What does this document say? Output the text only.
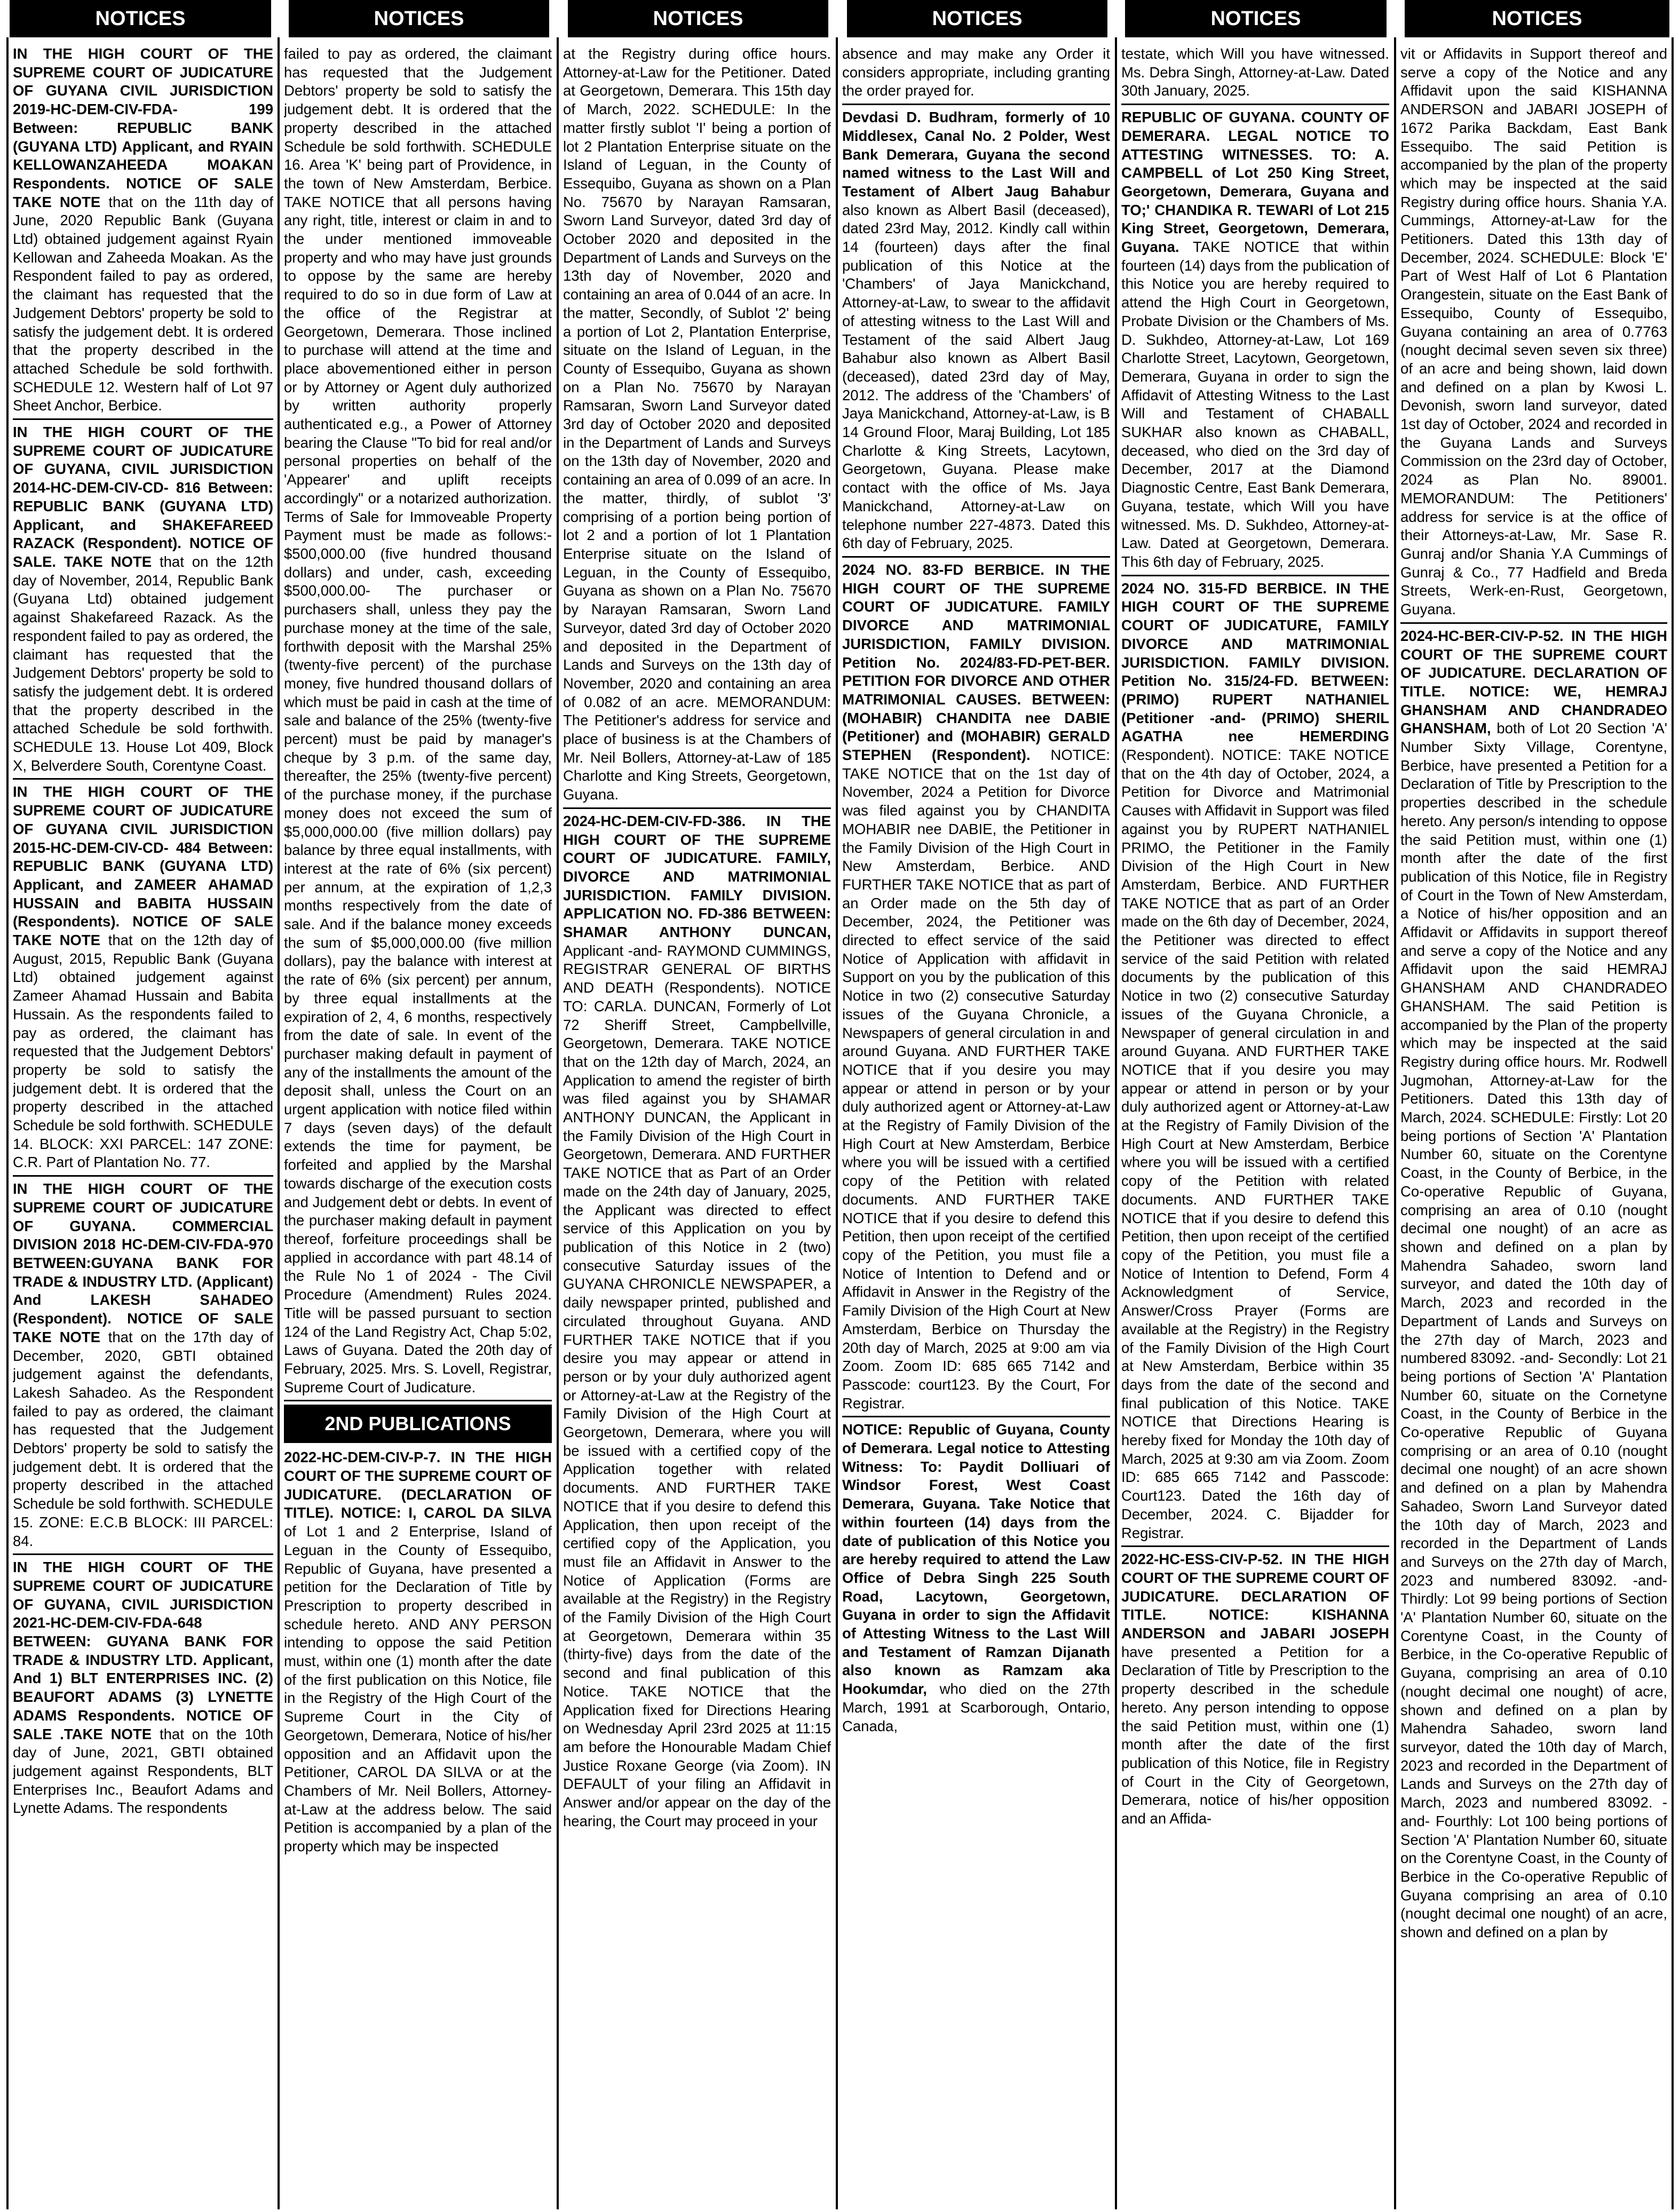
NOTICES	NOTICES	NOTICES	NOTICES	NOTICES	NOTICES

IN THE HIGH COURT OF THE SUPREME COURT OF JUDICATURE OF GUYANA CIVIL JURISDICTION 2019-HC-DEM-CIV-FDA- 199 Between: REPUBLIC BANK (GUYANA LTD) Applicant, and RYAIN KELLOWANZAHEEDA MOAKAN Respondents. NOTICE OF SALE TAKE NOTE that on the 11th day of June, 2020 Republic Bank (Guyana Ltd) obtained judgement against Ryain Kellowan and Zaheeda Moakan. As the Respondent failed to pay as ordered, the claimant has requested that the Judgement Debtors' property be sold to satisfy the judgement debt. It is ordered that the property described in the attached Schedule be sold forthwith. SCHEDULE 12. Western half of Lot 97 Sheet Anchor, Berbice.

IN THE HIGH COURT OF THE SUPREME COURT OF JUDICATURE OF GUYANA, CIVIL JURISDICTION 2014-HC-DEM-CIV-CD- 816 Between: REPUBLIC BANK (GUYANA LTD) Applicant, and SHAKEFAREED RAZACK (Respondent). NOTICE OF SALE. TAKE NOTE that on the 12th day of November, 2014, Republic Bank (Guyana Ltd) obtained judgement against Shakefareed Razack. As the respondent failed to pay as ordered, the claimant has requested that the Judgement Debtors' property be sold to satisfy the judgement debt. It is ordered that the property described in the attached Schedule be sold forthwith. SCHEDULE 13. House Lot 409, Block X, Belverdere South, Corentyne Coast.

IN THE HIGH COURT OF THE SUPREME COURT OF JUDICATURE OF GUYANA CIVIL JURISDICTION 2015-HC-DEM-CIV-CD- 484 Between: REPUBLIC BANK (GUYANA LTD) Applicant, and ZAMEER AHAMAD HUSSAIN and BABITA HUSSAIN (Respondents). NOTICE OF SALE TAKE NOTE that on the 12th day of August, 2015, Republic Bank (Guyana Ltd) obtained judgement against Zameer Ahamad Hussain and Babita Hussain. As the respondents failed to pay as ordered, the claimant has requested that the Judgement Debtors' property be sold to satisfy the judgement debt. It is ordered that the property described in the attached Schedule be sold forthwith. SCHEDULE 14. BLOCK: XXI PARCEL: 147 ZONE: C.R. Part of Plantation No. 77.

IN THE HIGH COURT OF THE SUPREME COURT OF JUDICATURE OF GUYANA. COMMERCIAL DIVISION 2018 HC-DEM-CIV-FDA-970 BETWEEN:GUYANA BANK FOR TRADE & INDUSTRY LTD. (Applicant) And LAKESH SAHADEO (Respondent). NOTICE OF SALE TAKE NOTE that on the 17th day of December, 2020, GBTI obtained judgement against the defendants, Lakesh Sahadeo. As the Respondent failed to pay as ordered, the claimant has requested that the Judgement Debtors' property be sold to satisfy the judgement debt. It is ordered that the property described in the attached Schedule be sold forthwith. SCHEDULE 15. ZONE: E.C.B BLOCK: III PARCEL: 84.

IN THE HIGH COURT OF THE SUPREME COURT OF JUDICATURE OF GUYANA, CIVIL JURISDICTION 2021-HC-DEM-CIV-FDA-648 BETWEEN: GUYANA BANK FOR TRADE & INDUSTRY LTD. Applicant, And 1) BLT ENTERPRISES INC. (2) BEAUFORT ADAMS (3) LYNETTE ADAMS Respondents. NOTICE OF SALE .TAKE NOTE that on the 10th day of June, 2021, GBTI obtained judgement against Respondents, BLT Enterprises Inc., Beaufort Adams and Lynette Adams. The respondents

failed to pay as ordered, the claimant has requested that the Judgement Debtors' property be sold to satisfy the judgement debt. It is ordered that the property described in the attached Schedule be sold forthwith. SCHEDULE 16. Area 'K' being part of Providence, in the town of New Amsterdam, Berbice. TAKE NOTICE that all persons having any right, title, interest or claim in and to the under mentioned immoveable property and who may have just grounds to oppose by the same are hereby required to do so in due form of Law at the office of the Registrar at Georgetown, Demerara. Those inclined to purchase will attend at the time and place abovementioned either in person or by Attorney or Agent duly authorized by written authority properly authenticated e.g., a Power of Attorney bearing the Clause "To bid for real and/or personal properties on behalf of the 'Appearer' and uplift receipts accordingly" or a notarized authorization. Terms of Sale for Immoveable Property Payment must be made as follows:- $500,000.00 (five hundred thousand dollars) and under, cash, exceeding $500,000.00- The purchaser or purchasers shall, unless they pay the purchase money at the time of the sale, forthwith deposit with the Marshal 25% (twenty-five percent) of the purchase money, five hundred thousand dollars of which must be paid in cash at the time of sale and balance of the 25% (twenty-five percent) must be paid by manager's cheque by 3 p.m. of the same day, thereafter, the 25% (twenty-five percent) of the purchase money, if the purchase money does not exceed the sum of $5,000,000.00 (five million dollars) pay balance by three equal installments, with interest at the rate of 6% (six percent) per annum, at the expiration of 1,2,3 months respectively from the date of sale. And if the balance money exceeds the sum of $5,000,000.00 (five million dollars), pay the balance with interest at the rate of 6% (six percent) per annum, by three equal installments at the expiration of 2, 4, 6 months, respectively from the date of sale. In event of the purchaser making default in payment of any of the installments the amount of the deposit shall, unless the Court on an urgent application with notice filed within 7 days (seven days) of the default extends the time for payment, be forfeited and applied by the Marshal towards discharge of the execution costs and Judgement debt or debts. In event of the purchaser making default in payment thereof, forfeiture proceedings shall be applied in accordance with part 48.14 of the Rule No 1 of 2024 - The Civil Procedure (Amendment) Rules 2024. Title will be passed pursuant to section 124 of the Land Registry Act, Chap 5:02, Laws of Guyana. Dated the 20th day of February, 2025. Mrs. S. Lovell, Registrar, Supreme Court of Judicature.

2ND PUBLICATIONS

2022-HC-DEM-CIV-P-7. IN THE HIGH COURT OF THE SUPREME COURT OF JUDICATURE. (DECLARATION OF TITLE). NOTICE: I, CAROL DA SILVA of Lot 1 and 2 Enterprise, Island of Leguan in the County of Essequibo, Republic of Guyana, have presented a petition for the Declaration of Title by Prescription to property described in schedule hereto. AND ANY PERSON intending to oppose the said Petition must, within one (1) month after the date of the first publication on this Notice, file in the Registry of the High Court of the Supreme Court in the City of Georgetown, Demerara, Notice of his/her opposition and an Affidavit upon the Petitioner, CAROL DA SILVA or at the Chambers of Mr. Neil Bollers, Attorney-at-Law at the address below. The said Petition is accompanied by a plan of the property which may be inspected

at the Registry during office hours. Attorney-at-Law for the Petitioner. Dated at Georgetown, Demerara. This 15th day of March, 2022. SCHEDULE: In the matter firstly sublot 'I' being a portion of lot 2 Plantation Enterprise situate on the Island of Leguan, in the County of Essequibo, Guyana as shown on a Plan No. 75670 by Narayan Ramsaran, Sworn Land Surveyor, dated 3rd day of October 2020 and deposited in the Department of Lands and Surveys on the 13th day of November, 2020 and containing an area of 0.044 of an acre. In the matter, Secondly, of Sublot '2' being a portion of Lot 2, Plantation Enterprise, situate on the Island of Leguan, in the County of Essequibo, Guyana as shown on a Plan No. 75670 by Narayan Ramsaran, Sworn Land Surveyor dated 3rd day of October 2020 and deposited in the Department of Lands and Surveys on the 13th day of November, 2020 and containing an area of 0.099 of an acre. In the matter, thirdly, of sublot '3' comprising of a portion being portion of lot 2 and a portion of lot 1 Plantation Enterprise situate on the Island of Leguan, in the County of Essequibo, Guyana as shown on a Plan No. 75670 by Narayan Ramsaran, Sworn Land Surveyor, dated 3rd day of October 2020 and deposited in the Department of Lands and Surveys on the 13th day of November, 2020 and containing an area of 0.082 of an acre. MEMORANDUM: The Petitioner's address for service and place of business is at the Chambers of Mr. Neil Bollers, Attorney-at-Law of 185 Charlotte and King Streets, Georgetown, Guyana.

2024-HC-DEM-CIV-FD-386. IN THE HIGH COURT OF THE SUPREME COURT OF JUDICATURE. FAMILY, DIVORCE AND MATRIMONIAL JURISDICTION. FAMILY DIVISION. APPLICATION NO. FD-386 BETWEEN: SHAMAR ANTHONY DUNCAN, Applicant -and- RAYMOND CUMMINGS, REGISTRAR GENERAL OF BIRTHS AND DEATH (Respondents). NOTICE TO: CARLA. DUNCAN, Formerly of Lot 72 Sheriff Street, Campbellville, Georgetown, Demerara. TAKE NOTICE that on the 12th day of March, 2024, an Application to amend the register of birth was filed against you by SHAMAR ANTHONY DUNCAN, the Applicant in the Family Division of the High Court in Georgetown, Demerara. AND FURTHER TAKE NOTICE that as Part of an Order made on the 24th day of January, 2025, the Applicant was directed to effect service of this Application on you by publication of this Notice in 2 (two) consecutive Saturday issues of the GUYANA CHRONICLE NEWSPAPER, a daily newspaper printed, published and circulated throughout Guyana. AND FURTHER TAKE NOTICE that if you desire you may appear or attend in person or by your duly authorized agent or Attorney-at-Law at the Registry of the Family Division of the High Court at Georgetown, Demerara, where you will be issued with a certified copy of the Application together with related documents. AND FURTHER TAKE NOTICE that if you desire to defend this Application, then upon receipt of the certified copy of the Application, you must file an Affidavit in Answer to the Notice of Application (Forms are available at the Registry) in the Registry of the Family Division of the High Court at Georgetown, Demerara within 35 (thirty-five) days from the date of the second and final publication of this Notice. TAKE NOTICE that the Application fixed for Directions Hearing on Wednesday April 23rd 2025 at 11:15 am before the Honourable Madam Chief Justice Roxane George (via Zoom). IN DEFAULT of your filing an Affidavit in Answer and/or appear on the day of the hearing, the Court may proceed in your

absence and may make any Order it considers appropriate, including granting the order prayed for.

Devdasi D. Budhram, formerly of 10 Middlesex, Canal No. 2 Polder, West Bank Demerara, Guyana the second named witness to the Last Will and Testament of Albert Jaug Bahabur also known as Albert Basil (deceased), dated 23rd May, 2012. Kindly call within 14 (fourteen) days after the final publication of this Notice at the 'Chambers' of Jaya Manickchand, Attorney-at-Law, to swear to the affidavit of attesting witness to the Last Will and Testament of the said Albert Jaug Bahabur also known as Albert Basil (deceased), dated 23rd day of May, 2012. The address of the 'Chambers' of Jaya Manickchand, Attorney-at-Law, is B 14 Ground Floor, Maraj Building, Lot 185 Charlotte & King Streets, Lacytown, Georgetown, Guyana. Please make contact with the office of Ms. Jaya Manickchand, Attorney-at-Law on telephone number 227-4873. Dated this 6th day of February, 2025.

2024 NO. 83-FD BERBICE. IN THE HIGH COURT OF THE SUPREME COURT OF JUDICATURE. FAMILY DIVORCE AND MATRIMONIAL JURISDICTION, FAMILY DIVISION. Petition No. 2024/83-FD-PET-BER. PETITION FOR DIVORCE AND OTHER MATRIMONIAL CAUSES. BETWEEN: (MOHABIR) CHANDITA nee DABIE (Petitioner) and (MOHABIR) GERALD STEPHEN (Respondent). NOTICE: TAKE NOTICE that on the 1st day of November, 2024 a Petition for Divorce was filed against you by CHANDITA MOHABIR nee DABIE, the Petitioner in the Family Division of the High Court in New Amsterdam, Berbice. AND FURTHER TAKE NOTICE that as part of an Order made on the 5th day of December, 2024, the Petitioner was directed to effect service of the said Notice of Application with affidavit in Support on you by the publication of this Notice in two (2) consecutive Saturday issues of the Guyana Chronicle, a Newspapers of general circulation in and around Guyana. AND FURTHER TAKE NOTICE that if you desire you may appear or attend in person or by your duly authorized agent or Attorney-at-Law at the Registry of Family Division of the High Court at New Amsterdam, Berbice where you will be issued with a certified copy of the Petition with related documents. AND FURTHER TAKE NOTICE that if you desire to defend this Petition, then upon receipt of the certified copy of the Petition, you must file a Notice of Intention to Defend and or Affidavit in Answer in the Registry of the Family Division of the High Court at New Amsterdam, Berbice on Thursday the 20th day of March, 2025 at 9:00 am via Zoom. Zoom ID: 685 665 7142 and Passcode: court123. By the Court, For Registrar.

NOTICE: Republic of Guyana, County of Demerara. Legal notice to Attesting Witness: To: Paydit Dolliuari of Windsor Forest, West Coast Demerara, Guyana. Take Notice that within fourteen (14) days from the date of publication of this Notice you are hereby required to attend the Law Office of Debra Singh 225 South Road, Lacytown, Georgetown, Guyana in order to sign the Affidavit of Attesting Witness to the Last Will and Testament of Ramzan Dijanath also known as Ramzam aka Hookumdar, who died on the 27th March, 1991 at Scarborough, Ontario, Canada,

testate, which Will you have witnessed. Ms. Debra Singh, Attorney-at-Law. Dated 30th January, 2025.

REPUBLIC OF GUYANA. COUNTY OF DEMERARA. LEGAL NOTICE TO ATTESTING WITNESSES. TO: A. CAMPBELL of Lot 250 King Street, Georgetown, Demerara, Guyana and TO;' CHANDIKA R. TEWARI of Lot 215 King Street, Georgetown, Demerara, Guyana. TAKE NOTICE that within fourteen (14) days from the publication of this Notice you are hereby required to attend the High Court in Georgetown, Probate Division or the Chambers of Ms. D. Sukhdeo, Attorney-at-Law, Lot 169 Charlotte Street, Lacytown, Georgetown, Demerara, Guyana in order to sign the Affidavit of Attesting Witness to the Last Will and Testament of CHABALL SUKHAR also known as CHABALL, deceased, who died on the 3rd day of December, 2017 at the Diamond Diagnostic Centre, East Bank Demerara, Guyana, testate, which Will you have witnessed. Ms. D. Sukhdeo, Attorney-at-Law. Dated at Georgetown, Demerara. This 6th day of February, 2025.

2024 NO. 315-FD BERBICE. IN THE HIGH COURT OF THE SUPREME COURT OF JUDICATURE, FAMILY DIVORCE AND MATRIMONIAL JURISDICTION. FAMILY DIVISION. Petition No. 315/24-FD. BETWEEN: (PRIMO) RUPERT NATHANIEL (Petitioner -and- (PRIMO) SHERIL AGATHA nee HEMERDING (Respondent). NOTICE: TAKE NOTICE that on the 4th day of October, 2024, a Petition for Divorce and Matrimonial Causes with Affidavit in Support was filed against you by RUPERT NATHANIEL PRIMO, the Petitioner in the Family Division of the High Court in New Amsterdam, Berbice. AND FURTHER TAKE NOTICE that as part of an Order made on the 6th day of December, 2024, the Petitioner was directed to effect service of the said Petition with related documents by the publication of this Notice in two (2) consecutive Saturday issues of the Guyana Chronicle, a Newspaper of general circulation in and around Guyana. AND FURTHER TAKE NOTICE that if you desire you may appear or attend in person or by your duly authorized agent or Attorney-at-Law at the Registry of Family Division of the High Court at New Amsterdam, Berbice where you will be issued with a certified copy of the Petition with related documents. AND FURTHER TAKE NOTICE that if you desire to defend this Petition, then upon receipt of the certified copy of the Petition, you must file a Notice of Intention to Defend, Form 4 Acknowledgment of Service, Answer/Cross Prayer (Forms are available at the Registry) in the Registry of the Family Division of the High Court at New Amsterdam, Berbice within 35 days from the date of the second and final publication of this Notice. TAKE NOTICE that Directions Hearing is hereby fixed for Monday the 10th day of March, 2025 at 9:30 am via Zoom. Zoom ID: 685 665 7142 and Passcode: Court123. Dated the 16th day of December, 2024. C. Bijadder for Registrar.

2022-HC-ESS-CIV-P-52. IN THE HIGH COURT OF THE SUPREME COURT OF JUDICATURE. DECLARATION OF TITLE. NOTICE: KISHANNA ANDERSON and JABARI JOSEPH have presented a Petition for a Declaration of Title by Prescription to the property described in the schedule hereto. Any person intending to oppose the said Petition must, within one (1) month after the date of the first publication of this Notice, file in Registry of Court in the City of Georgetown, Demerara, notice of his/her opposition and an Affida-

vit or Affidavits in Support thereof and serve a copy of the Notice and any Affidavit upon the said KISHANNA ANDERSON and JABARI JOSEPH of 1672 Parika Backdam, East Bank Essequibo. The said Petition is accompanied by the plan of the property which may be inspected at the said Registry during office hours. Shania Y.A. Cummings, Attorney-at-Law for the Petitioners. Dated this 13th day of December, 2024. SCHEDULE: Block 'E' Part of West Half of Lot 6 Plantation Orangestein, situate on the East Bank of Essequibo, County of Essequibo, Guyana containing an area of 0.7763 (nought decimal seven seven six three) of an acre and being shown, laid down and defined on a plan by Kwosi L. Devonish, sworn land surveyor, dated 1st day of October, 2024 and recorded in the Guyana Lands and Surveys Commission on the 23rd day of October, 2024 as Plan No. 89001. MEMORANDUM: The Petitioners' address for service is at the office of their Attorneys-at-Law, Mr. Sase R. Gunraj and/or Shania Y.A Cummings of Gunraj & Co., 77 Hadfield and Breda Streets, Werk-en-Rust, Georgetown, Guyana.

2024-HC-BER-CIV-P-52. IN THE HIGH COURT OF THE SUPREME COURT OF JUDICATURE. DECLARATION OF TITLE. NOTICE: WE, HEMRAJ GHANSHAM AND CHANDRADEO GHANSHAM, both of Lot 20 Section 'A' Number Sixty Village, Corentyne, Berbice, have presented a Petition for a Declaration of Title by Prescription to the properties described in the schedule hereto. Any person/s intending to oppose the said Petition must, within one (1) month after the date of the first publication of this Notice, file in Registry of Court in the Town of New Amsterdam, a Notice of his/her opposition and an Affidavit or Affidavits in support thereof and serve a copy of the Notice and any Affidavit upon the said HEMRAJ GHANSHAM AND CHANDRADEO GHANSHAM. The said Petition is accompanied by the Plan of the property which may be inspected at the said Registry during office hours. Mr. Rodwell Jugmohan, Attorney-at-Law for the Petitioners. Dated this 13th day of March, 2024. SCHEDULE: Firstly: Lot 20 being portions of Section 'A' Plantation Number 60, situate on the Corentyne Coast, in the County of Berbice, in the Co-operative Republic of Guyana, comprising an area of 0.10 (nought decimal one nought) of an acre as shown and defined on a plan by Mahendra Sahadeo, sworn land surveyor, and dated the 10th day of March, 2023 and recorded in the Department of Lands and Surveys on the 27th day of March, 2023 and numbered 83092. -and- Secondly: Lot 21 being portions of Section 'A' Plantation Number 60, situate on the Cornetyne Coast, in the County of Berbice in the Co-operative Republic of Guyana comprising or an area of 0.10 (nought decimal one nought) of an acre shown and defined on a plan by Mahendra Sahadeo, Sworn Land Surveyor dated the 10th day of March, 2023 and recorded in the Department of Lands and Surveys on the 27th day of March, 2023 and numbered 83092. -and- Thirdly: Lot 99 being portions of Section 'A' Plantation Number 60, situate on the Corentyne Coast, in the County of Berbice, in the Co-operative Republic of Guyana, comprising an area of 0.10 (nought decimal one nought) of acre, shown and defined on a plan by Mahendra Sahadeo, sworn land surveyor, dated the 10th day of March, 2023 and recorded in the Department of Lands and Surveys on the 27th day of March, 2023 and numbered 83092. -and- Fourthly: Lot 100 being portions of Section 'A' Plantation Number 60, situate on the Corentyne Coast, in the County of Berbice in the Co-operative Republic of Guyana comprising an area of 0.10 (nought decimal one nought) of an acre, shown and defined on a plan by
